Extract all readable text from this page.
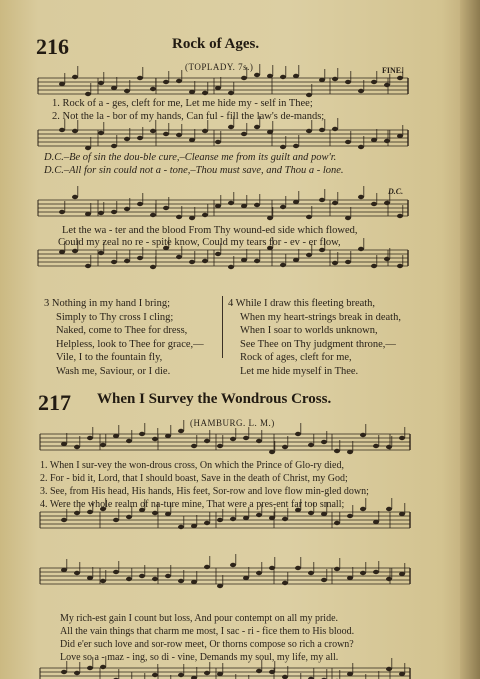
216	Rock of Ages.
(TOPLADY. 7s.)	FINE.
1. Rock of a - ges, cleft for me, Let me hide my - self in Thee;
2. Not the la - bor of my hands, Can ful - fill the law's de-mands;
D.C.–Be of sin the dou-ble cure,–Cleanse me from its guilt and pow'r.
D.C.–All for sin could not a - tone,–Thou must save, and Thou a - lone.
D.C.
Let the wa - ter and the blood From Thy wound-ed side which flowed,
Could my zeal no re - spite know, Could my tears for - ev - er flow,
3 Nothing in my hand I bring;
Simply to Thy cross I cling;
Naked, come to Thee for dress,
Helpless, look to Thee for grace,—
Vile, I to the fountain fly,
Wash me, Saviour, or I die.
4 While I draw this fleeting breath,
When my heart-strings break in death,
When I soar to worlds unknown,
See Thee on Thy judgment throne,—
Rock of ages, cleft for me,
Let me hide myself in Thee.
217 When I Survey the Wondrous Cross.
(HAMBURG. L. M.)
1. When I sur-vey the won-drous cross, On which the Prince of Glo-ry died,
2. For - bid it, Lord, that I should boast, Save in the death of Christ, my God;
3. See, from His head, His hands, His feet, Sor-row and love flow min-gled down;
4. Were the whole realm of na-ture mine, That were a pres-ent far too small;
My rich-est gain I count but loss, And pour contempt on all my pride.
All the vain things that charm me most, I sac - ri - fice them to His blood.
Did e'er such love and sor-row meet, Or thorns compose so rich a crown?
Love so a - maz - ing, so di - vine, Demands my soul, my life, my all.
